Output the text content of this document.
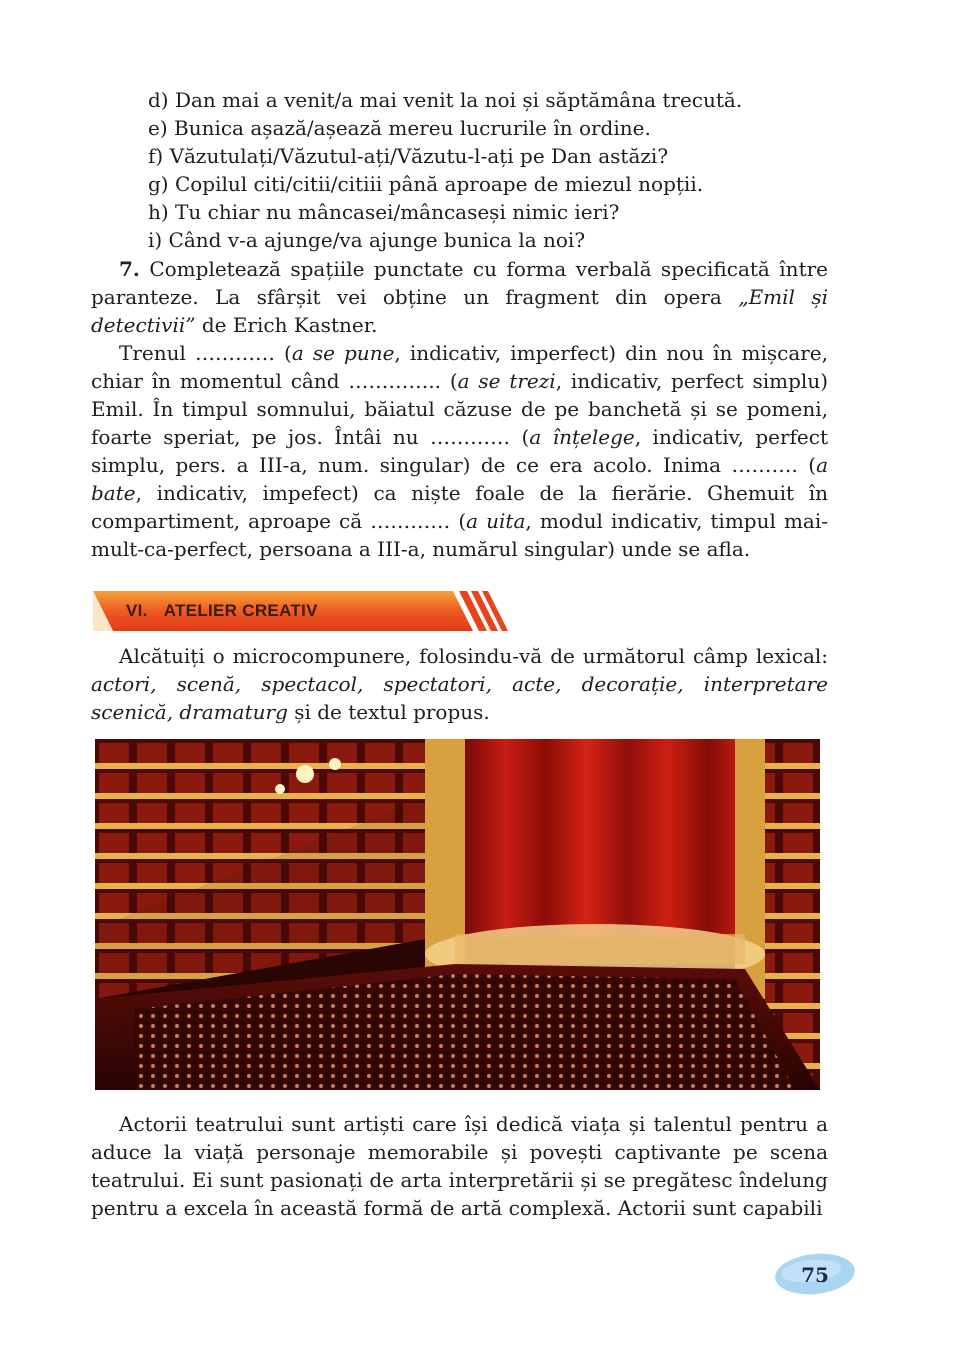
d) Dan mai a venit/a mai venit la noi și săptămâna trecută.
e) Bunica așază/așează mereu lucrurile în ordine.
f) Văzutulați/Văzutul-ați/Văzutu-l-ați pe Dan astăzi?
g) Copilul citi/citii/citiii până aproape de miezul nopții.
h) Tu chiar nu mâncasei/mâncaseși nimic ieri?
i) Când v-a ajunge/va ajunge bunica la noi?

7. Completează spațiile punctate cu forma verbală specificată între paranteze. La sfârșit vei obține un fragment din opera „Emil și detectivii” de Erich Kastner.

Trenul ………… (a se pune, indicativ, imperfect) din nou în mișcare, chiar în momentul când ………….. (a se trezi, indicativ, perfect simplu) Emil. În timpul somnului, băiatul căzuse de pe banchetă și se pomeni, foarte speriat, pe jos. Întâi nu ………… (a înțelege, indicativ, perfect simplu, pers. a III-a, num. singular) de ce era acolo. Inima ………. (a bate, indicativ, impefect) ca niște foale de la fierărie. Ghemuit în compartiment, aproape că ………… (a uita, modul indicativ, timpul mai-mult-ca-perfect, persoana a III-a, numărul singular) unde se afla.

VI. ATELIER CREATIV

Alcătuiți o microcompunere, folosindu-vă de următorul câmp lexical: actori, scenă, spectacol, spectatori, acte, decorație, interpretare scenică, dramaturg și de textul propus.

Actorii teatrului sunt artiști care își dedică viața și talentul pentru a aduce la viață personaje memorabile și povești captivante pe scena teatrului. Ei sunt pasionați de arta interpretării și se pregătesc îndelung pentru a excela în această formă de artă complexă. Actorii sunt capabili

75
